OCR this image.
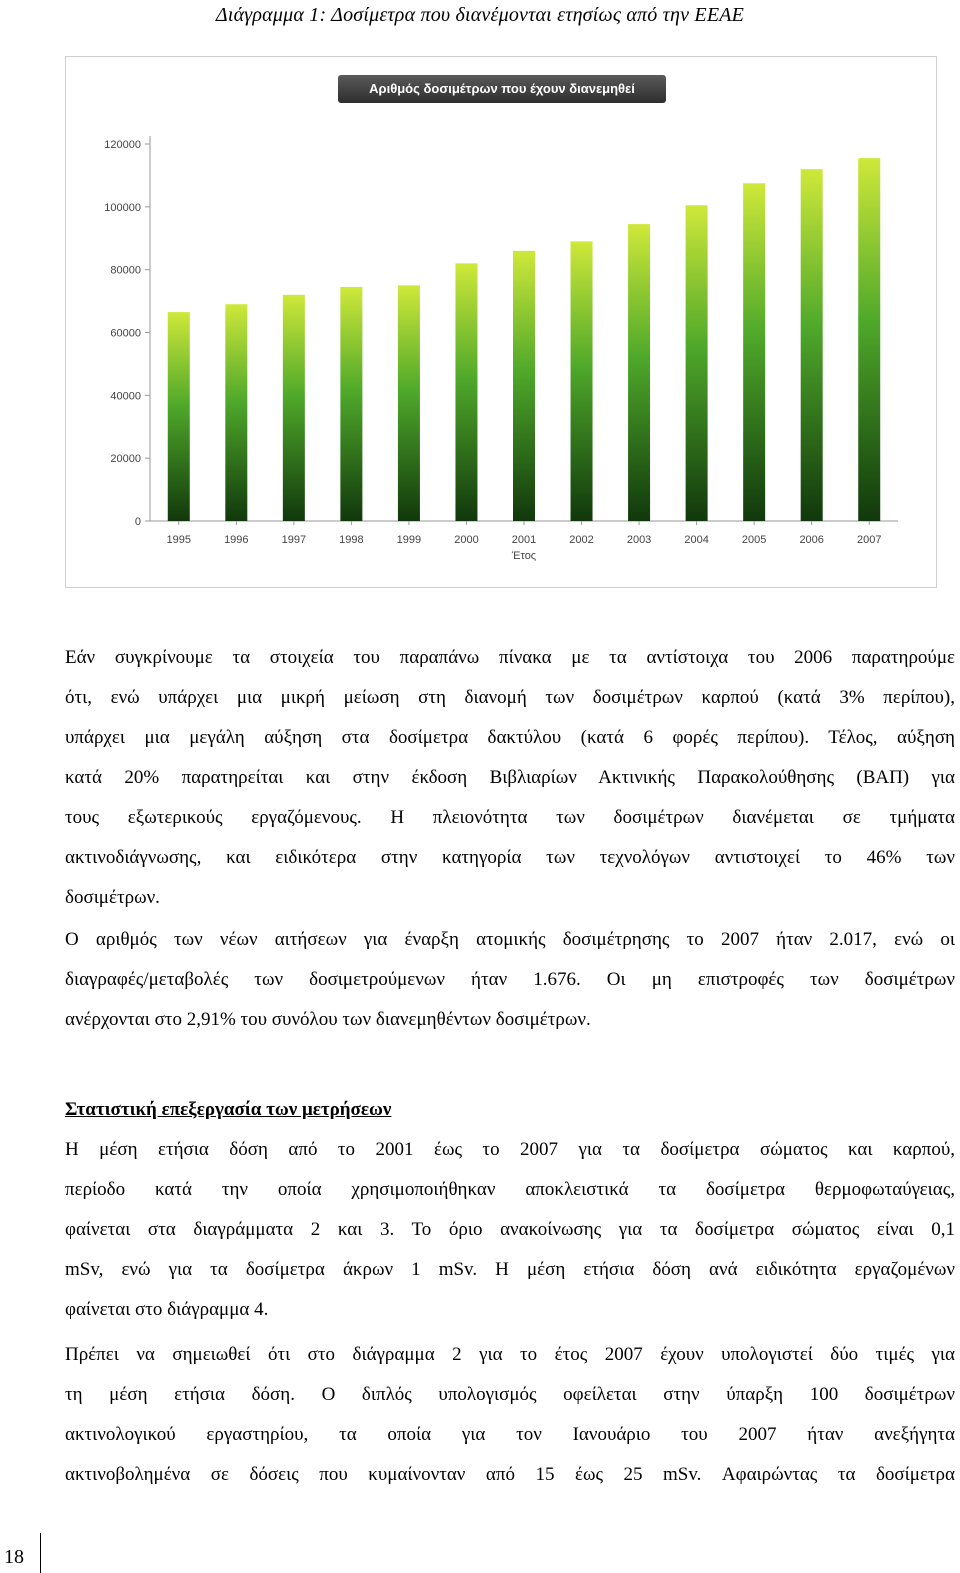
Διάγραμμα 1: Δοσίμετρα που διανέμονται ετησίως από την ΕΕΑΕ
Αριθμός δοσιμέτρων που έχουν διανεμηθεί
0
20000
40000
60000
80000
100000
120000
1995	1996	1997	1998	1999	2000	2001	2002	2003	2004	2005	2006	2007
Έτος
Εάν συγκρίνουμε τα στοιχεία του παραπάνω πίνακα με τα αντίστοιχα του 2006 παρατηρούμε
ότι, ενώ υπάρχει μια μικρή μείωση στη διανομή των δοσιμέτρων καρπού (κατά 3% περίπου),
υπάρχει μια μεγάλη αύξηση στα δοσίμετρα δακτύλου (κατά 6 φορές περίπου). Τέλος, αύξηση
κατά 20% παρατηρείται και στην έκδοση Βιβλιαρίων Ακτινικής Παρακολούθησης (ΒΑΠ) για
τους εξωτερικούς εργαζόμενους. Η πλειονότητα των δοσιμέτρων διανέμεται σε τμήματα
ακτινοδιάγνωσης, και ειδικότερα στην κατηγορία των τεχνολόγων αντιστοιχεί το 46% των
δοσιμέτρων.
Ο αριθμός των νέων αιτήσεων για έναρξη ατομικής δοσιμέτρησης το 2007 ήταν 2.017, ενώ οι
διαγραφές/μεταβολές των δοσιμετρούμενων ήταν 1.676. Οι μη επιστροφές των δοσιμέτρων
ανέρχονται στο 2,91% του συνόλου των διανεμηθέντων δοσιμέτρων.
Στατιστική επεξεργασία των μετρήσεων
Η μέση ετήσια δόση από το 2001 έως το 2007 για τα δοσίμετρα σώματος και καρπού,
περίοδο κατά την οποία χρησιμοποιήθηκαν αποκλειστικά τα δοσίμετρα θερμοφωταύγειας,
φαίνεται στα διαγράμματα 2 και 3. Το όριο ανακοίνωσης για τα δοσίμετρα σώματος είναι 0,1
mSv, ενώ για τα δοσίμετρα άκρων 1 mSv. Η μέση ετήσια δόση ανά ειδικότητα εργαζομένων
φαίνεται στο διάγραμμα 4.
Πρέπει να σημειωθεί ότι στο διάγραμμα 2 για το έτος 2007 έχουν υπολογιστεί δύο τιμές για
τη μέση ετήσια δόση. Ο διπλός υπολογισμός οφείλεται στην ύπαρξη 100 δοσιμέτρων
ακτινολογικού εργαστηρίου, τα οποία για τον Ιανουάριο του 2007 ήταν ανεξήγητα
ακτινοβολημένα σε δόσεις που κυμαίνονταν από 15 έως 25 mSv. Αφαιρώντας τα δοσίμετρα
18
